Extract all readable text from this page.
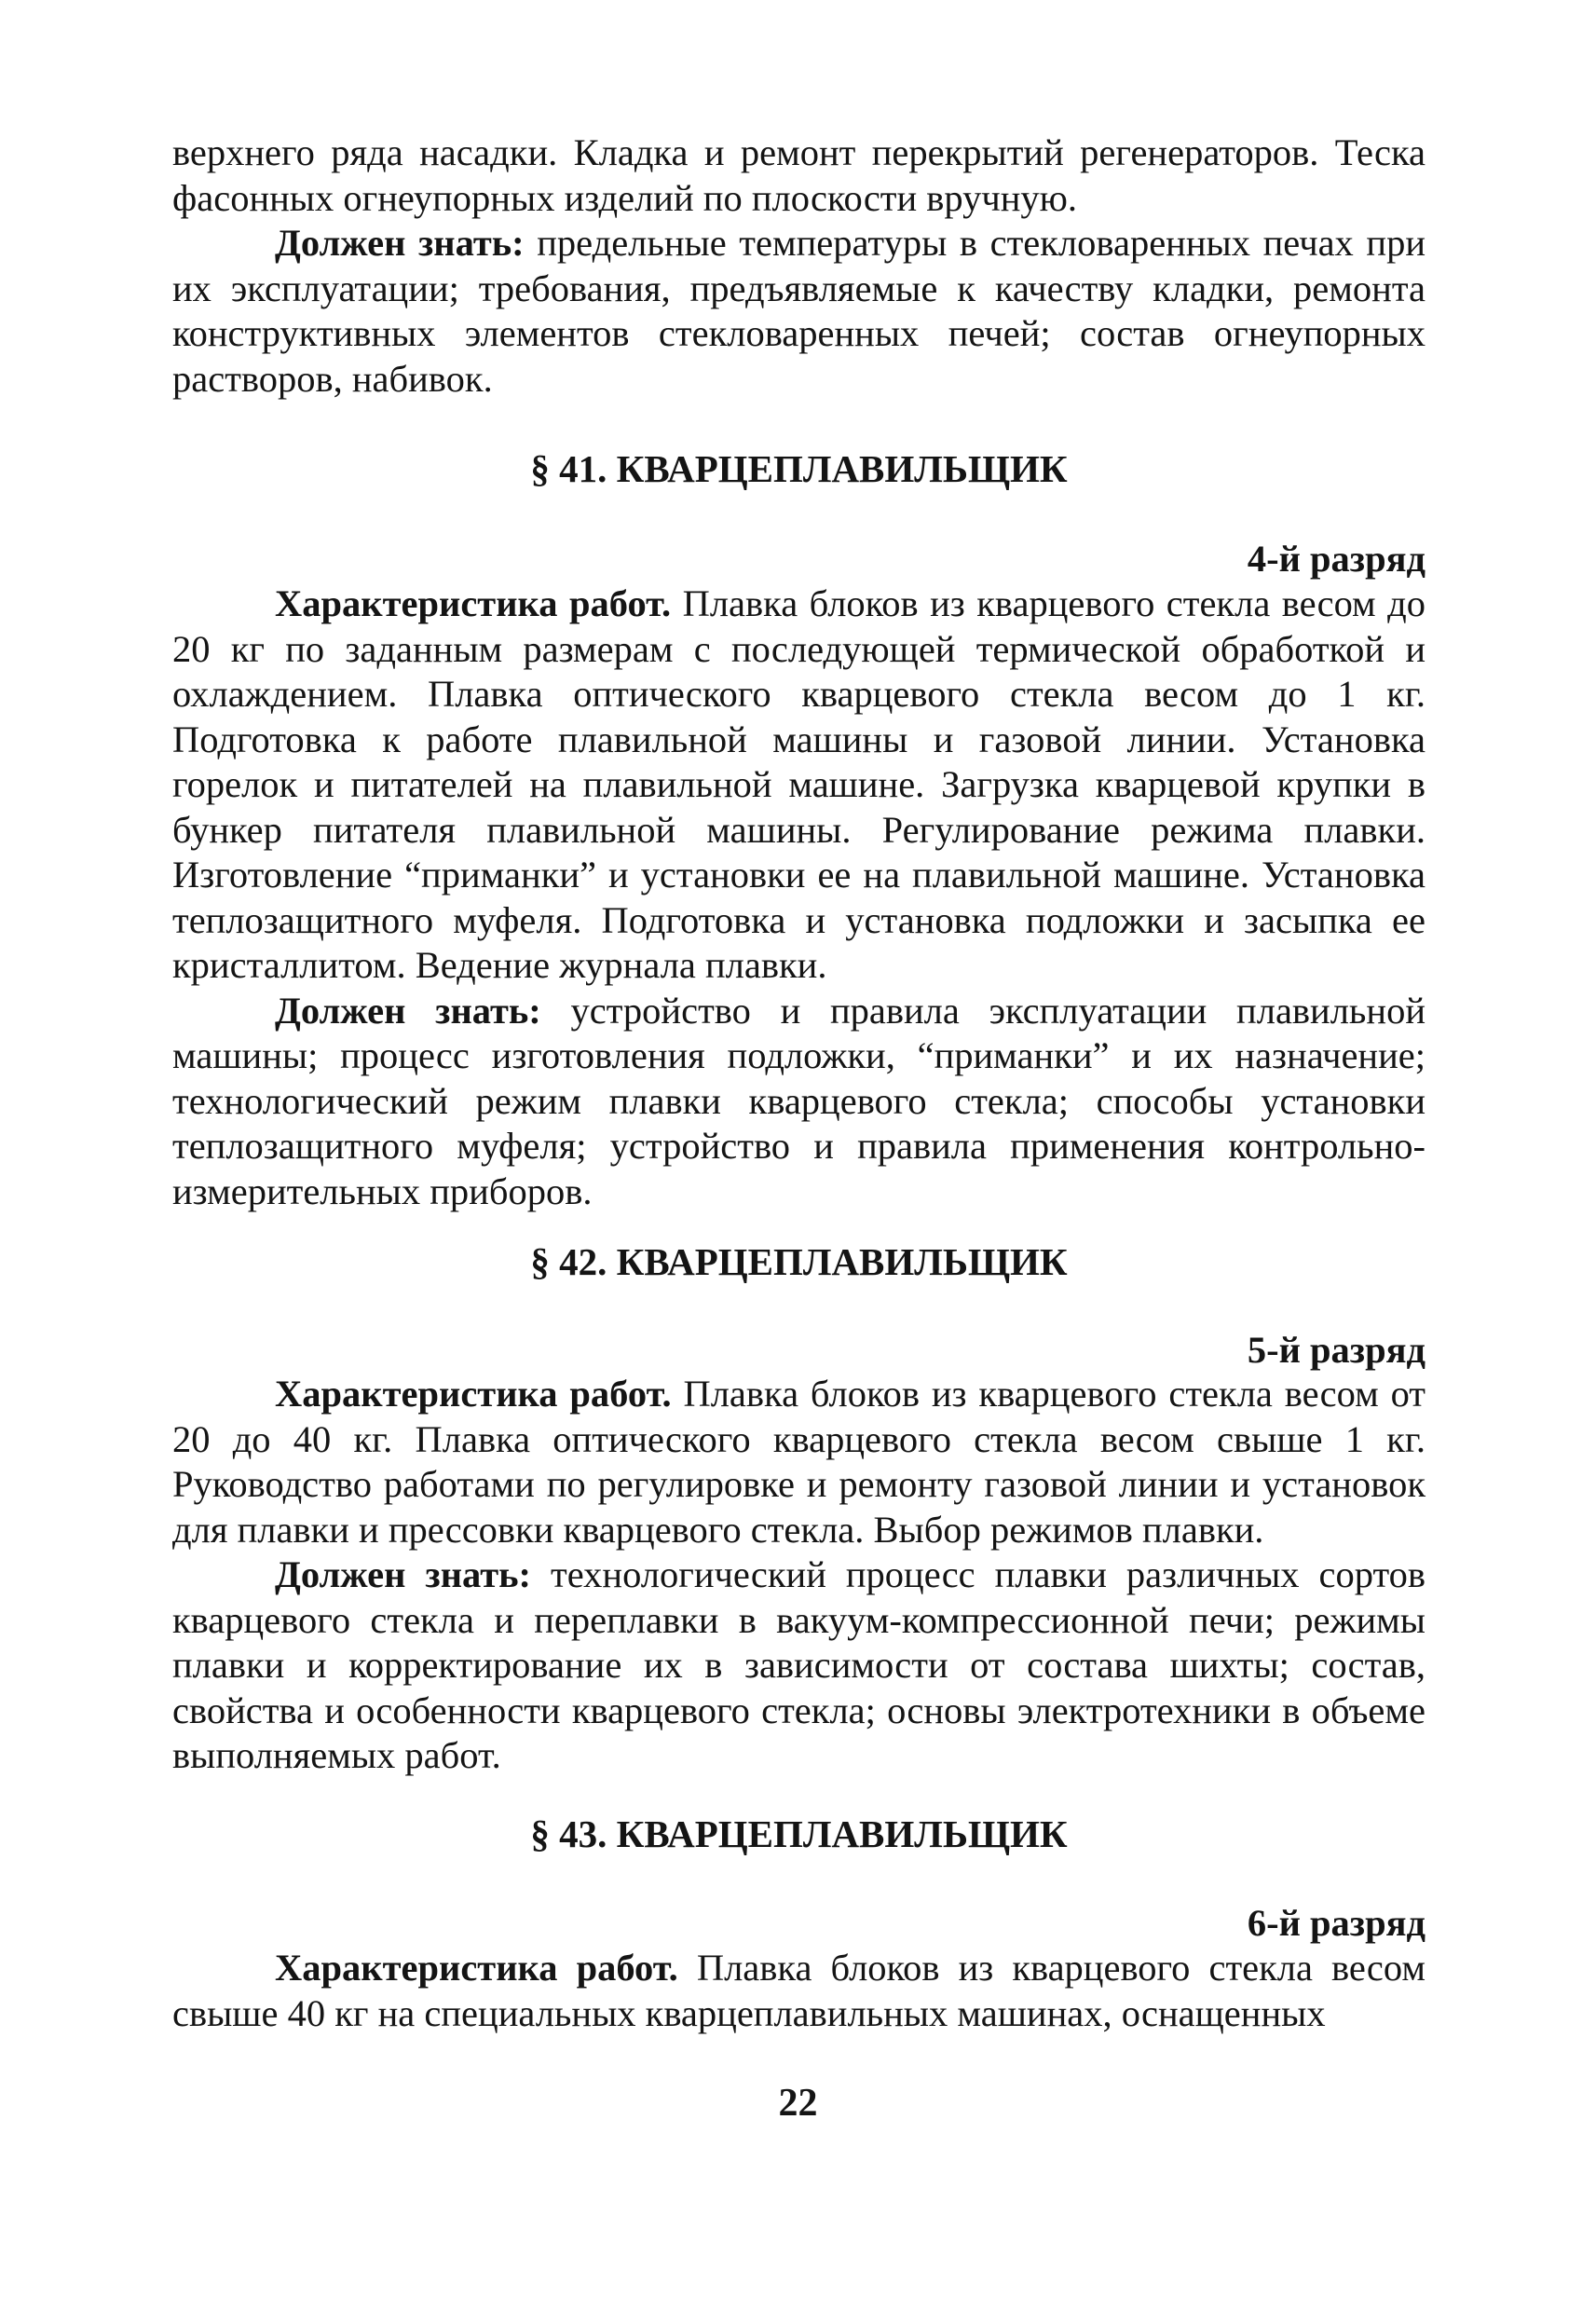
верхнего ряда насадки. Кладка и ремонт перекрытий регенераторов. Теска фасонных огнеупорных изделий по плоскости вручную.

Должен знать: предельные температуры в стекловаренных печах при их эксплуатации; требования, предъявляемые к качеству кладки, ремонта конструктивных элементов стекловаренных печей; состав огнеупорных растворов, набивок.

§ 41. КВАРЦЕПЛАВИЛЬЩИК

4-й разряд

Характеристика работ. Плавка блоков из кварцевого стекла весом до 20 кг по заданным размерам с последующей термической обработкой и охлаждением. Плавка оптического кварцевого стекла весом до 1 кг. Подготовка к работе плавильной машины и газовой линии. Установка горелок и питателей на плавильной машине. Загрузка кварцевой крупки в бункер питателя плавильной машины. Регулирование режима плавки. Изготовление “приманки” и установки ее на плавильной машине. Установка теплозащитного муфеля. Подготовка и установка подложки и засыпка ее кристаллитом. Ведение журнала плавки.

Должен знать: устройство и правила эксплуатации плавильной машины; процесс изготовления подложки, “приманки” и их назначение; технологический режим плавки кварцевого стекла; способы установки теплозащитного муфеля; устройство и правила применения контрольно-измерительных приборов.

§ 42. КВАРЦЕПЛАВИЛЬЩИК

5-й разряд

Характеристика работ. Плавка блоков из кварцевого стекла весом от 20 до 40 кг. Плавка оптического кварцевого стекла весом свыше 1 кг. Руководство работами по регулировке и ремонту газовой линии и установок для плавки и прессовки кварцевого стекла. Выбор режимов плавки.

Должен знать: технологический процесс плавки различных сортов кварцевого стекла и переплавки в вакуум-компрессионной печи; режимы плавки и корректирование их в зависимости от состава шихты; состав, свойства и особенности кварцевого стекла; основы электротехники в объеме выполняемых работ.

§ 43. КВАРЦЕПЛАВИЛЬЩИК

6-й разряд

Характеристика работ. Плавка блоков из кварцевого стекла весом свыше 40 кг на специальных кварцеплавильных машинах, оснащенных

22
